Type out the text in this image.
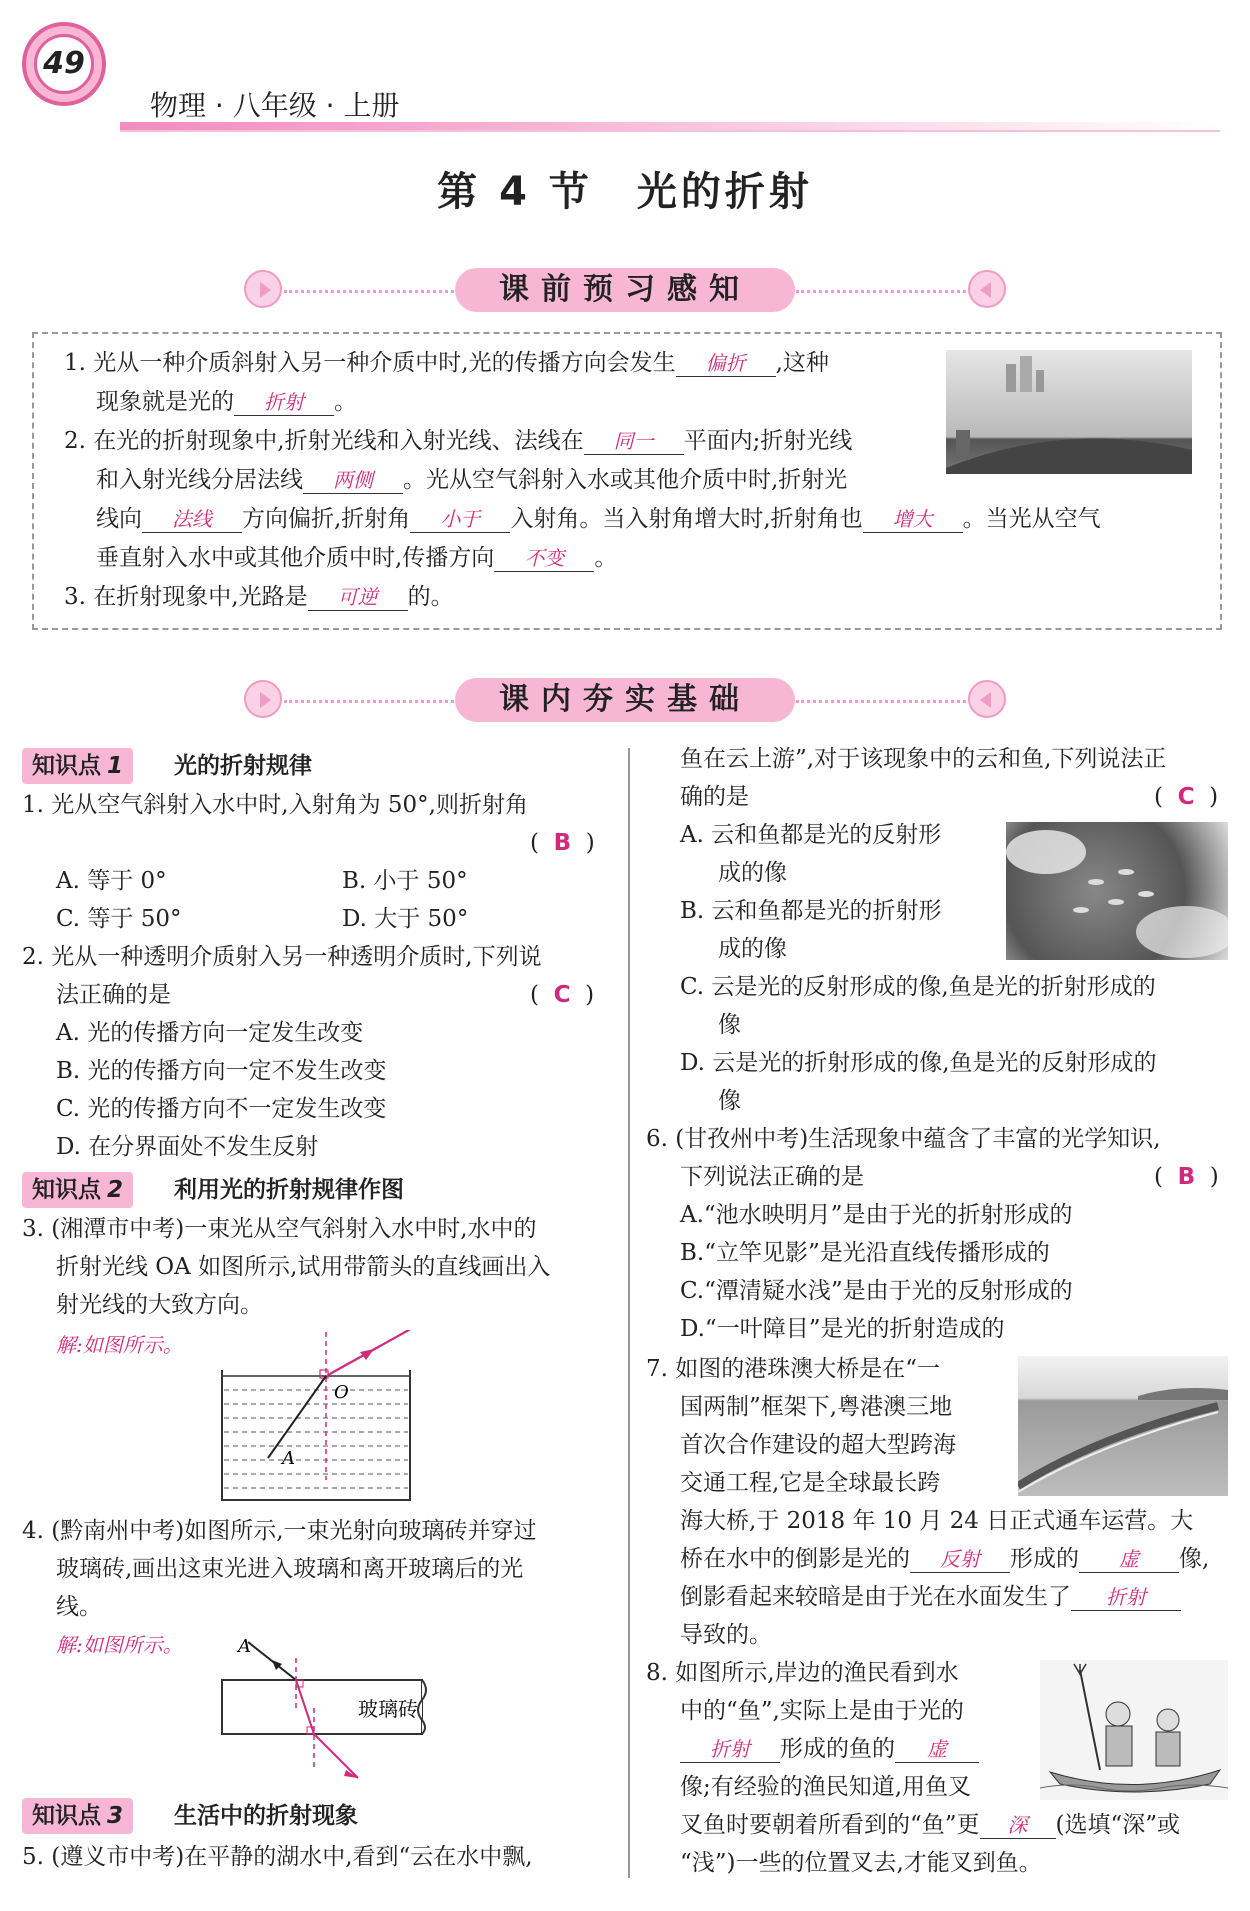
49
物理 · 八年级 · 上册
第 4 节　光的折射
课前预习感知
1. 光从一种介质斜射入另一种介质中时,光的传播方向会发生 偏折 ,这种
现象就是光的 折射 。
2. 在光的折射现象中,折射光线和入射光线、法线在 同一 平面内;折射光线
和入射光线分居法线 两侧 。光从空气斜射入水或其他介质中时,折射光
线向 法线 方向偏折,折射角 小于 入射角。当入射角增大时,折射角也 增大 。当光从空气
垂直射入水中或其他介质中时,传播方向 不变 。
3. 在折射现象中,光路是 可逆 的。
课内夯实基础
知识点 1	光的折射规律
1. 光从空气斜射入水中时,入射角为 50°,则折射角
( B )
A. 等于 0°	B. 小于 50°
C. 等于 50°	D. 大于 50°
2. 光从一种透明介质射入另一种透明介质时,下列说
法正确的是	( C )
A. 光的传播方向一定发生改变
B. 光的传播方向一定不发生改变
C. 光的传播方向不一定发生改变
D. 在分界面处不发生反射
知识点 2	利用光的折射规律作图
3. (湘潭市中考)一束光从空气斜射入水中时,水中的
折射光线 OA 如图所示,试用带箭头的直线画出入
射光线的大致方向。
解:如图所示。
O
A
4. (黔南州中考)如图所示,一束光射向玻璃砖并穿过
玻璃砖,画出这束光进入玻璃和离开玻璃后的光
线。
解:如图所示。	A
玻璃砖
知识点 3	生活中的折射现象
5. (遵义市中考)在平静的湖水中,看到“云在水中飘,
鱼在云上游”,对于该现象中的云和鱼,下列说法正
确的是	( C )
A. 云和鱼都是光的反射形
成的像
B. 云和鱼都是光的折射形
成的像
C. 云是光的反射形成的像,鱼是光的折射形成的
像
D. 云是光的折射形成的像,鱼是光的反射形成的
像
6. (甘孜州中考)生活现象中蕴含了丰富的光学知识,
下列说法正确的是	( B )
A.“池水映明月”是由于光的折射形成的
B.“立竿见影”是光沿直线传播形成的
C.“潭清疑水浅”是由于光的反射形成的
D.“一叶障目”是光的折射造成的
7. 如图的港珠澳大桥是在“一
国两制”框架下,粤港澳三地
首次合作建设的超大型跨海
交通工程,它是全球最长跨
海大桥,于 2018 年 10 月 24 日正式通车运营。大
桥在水中的倒影是光的 反射 形成的 虚 像,
倒影看起来较暗是由于光在水面发生了 折射
导致的。
8. 如图所示,岸边的渔民看到水
中的“鱼”,实际上是由于光的
折射 形成的鱼的 虚
像;有经验的渔民知道,用鱼叉
叉鱼时要朝着所看到的“鱼”更 深 (选填“深”或
“浅”)一些的位置叉去,才能叉到鱼。
